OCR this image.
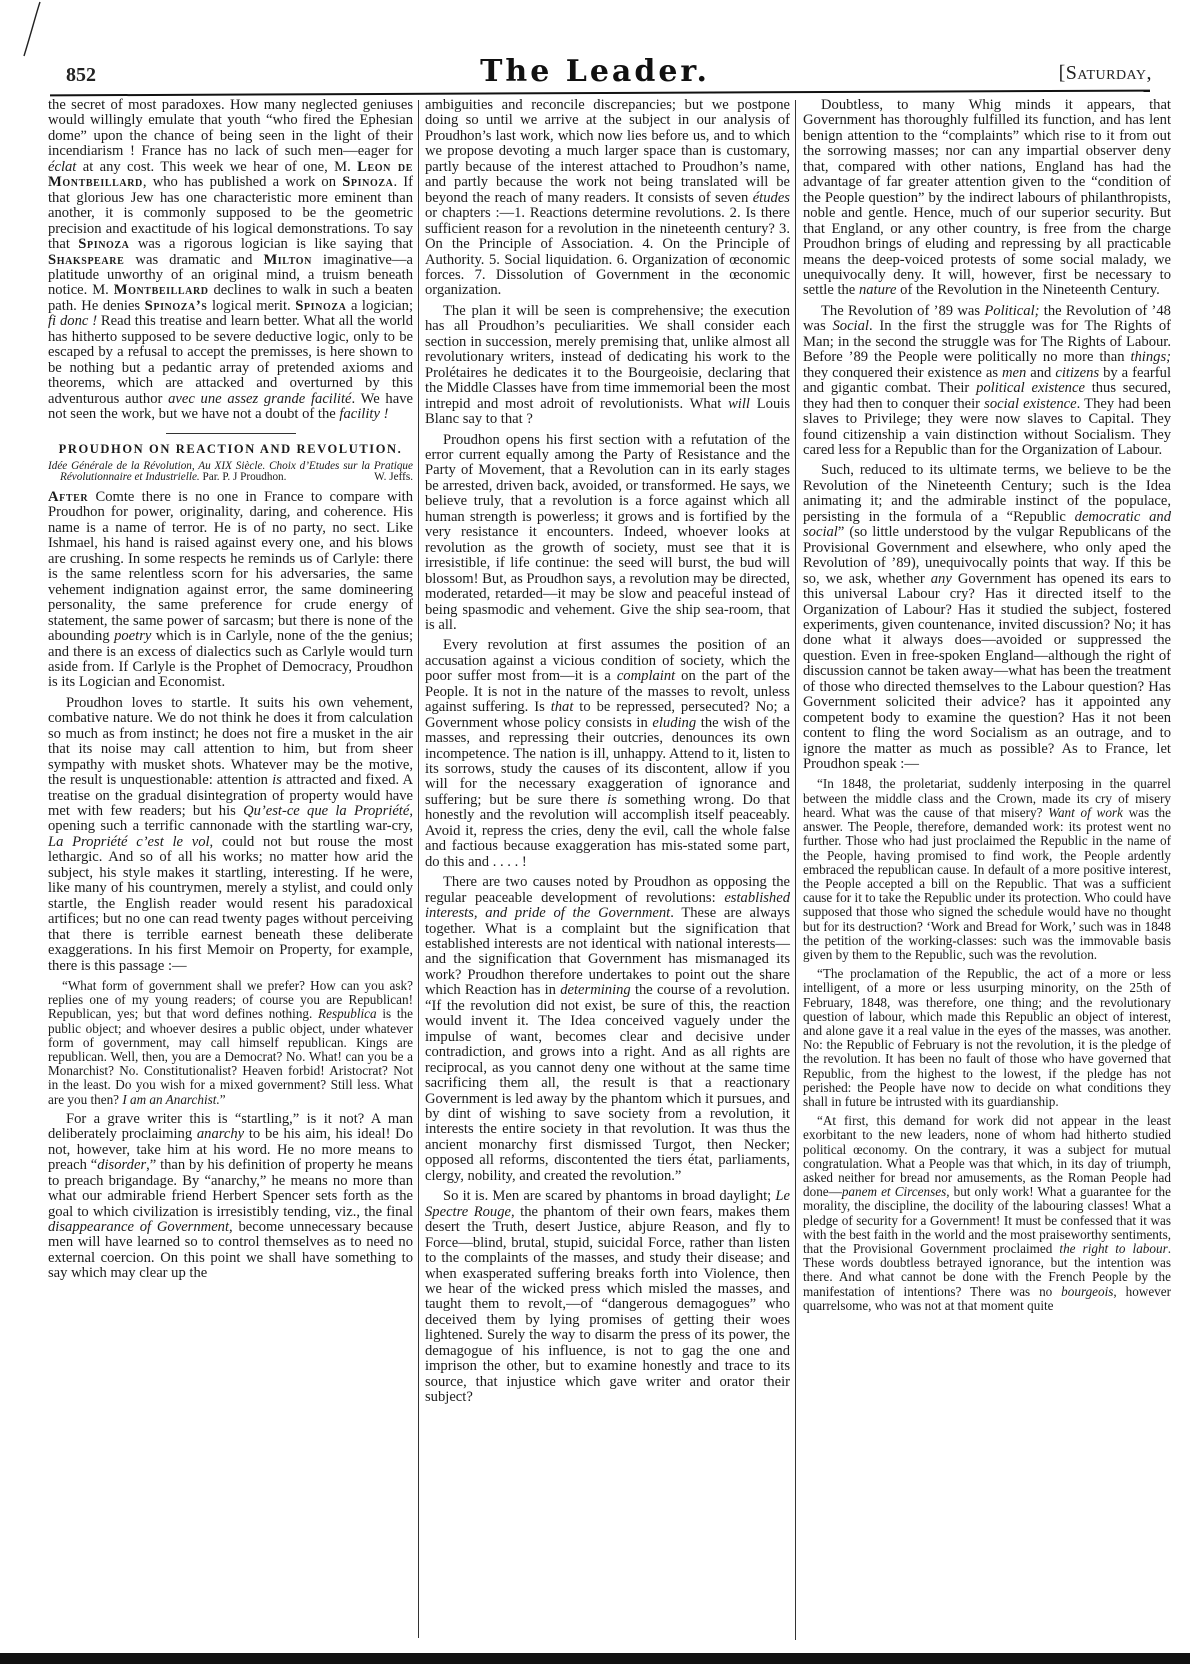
852	The Leader.	[Saturday,

the secret of most paradoxes. How many neglected geniuses would willingly emulate that youth “who fired the Ephesian dome” upon the chance of being seen in the light of their incendiarism ! France has no lack of such men—eager for éclat at any cost. This week we hear of one, M. Leon de Montbeillard, who has published a work on Spinoza. If that glorious Jew has one characteristic more eminent than another, it is commonly supposed to be the geometric precision and exactitude of his logical demonstrations. To say that Spinoza was a rigorous logician is like saying that Shakspeare was dramatic and Milton imaginative—a platitude unworthy of an original mind, a truism beneath notice. M. Montbeillard declines to walk in such a beaten path. He denies Spinoza’s logical merit. Spinoza a logician; fi donc ! Read this treatise and learn better. What all the world has hitherto supposed to be severe deductive logic, only to be escaped by a refusal to accept the premisses, is here shown to be nothing but a pedantic array of pretended axioms and theorems, which are attacked and overturned by this adventurous author avec une assez grande facilité. We have not seen the work, but we have not a doubt of the facility !

PROUDHON ON REACTION AND REVOLUTION.
Idée Générale de la Révolution, Au XIX Siècle. Choix d’Etudes sur la Pratique Révolutionnaire et Industrielle. Par. P. J Proudhon.	W. Jeffs.

After Comte there is no one in France to compare with Proudhon for power, originality, daring, and coherence. His name is a name of terror. He is of no party, no sect. Like Ishmael, his hand is raised against every one, and his blows are crushing. In some respects he reminds us of Carlyle: there is the same relentless scorn for his adversaries, the same vehement indignation against error, the same domineering personality, the same preference for crude energy of statement, the same power of sarcasm; but there is none of the abounding poetry which is in Carlyle, none of the the genius; and there is an excess of dialectics such as Carlyle would turn aside from. If Carlyle is the Prophet of Democracy, Proudhon is its Logician and Economist.

Proudhon loves to startle. It suits his own vehement, combative nature. We do not think he does it from calculation so much as from instinct; he does not fire a musket in the air that its noise may call attention to him, but from sheer sympathy with musket shots. Whatever may be the motive, the result is unquestionable: attention is attracted and fixed. A treatise on the gradual disintegration of property would have met with few readers; but his Qu’est-ce que la Propriété, opening such a terrific cannonade with the startling war-cry, La Propriété c’est le vol, could not but rouse the most lethargic. And so of all his works; no matter how arid the subject, his style makes it startling, interesting. If he were, like many of his countrymen, merely a stylist, and could only startle, the English reader would resent his paradoxical artifices; but no one can read twenty pages without perceiving that there is terrible earnest beneath these deliberate exaggerations. In his first Memoir on Property, for example, there is this passage :—

“What form of government shall we prefer? How can you ask? replies one of my young readers; of course you are Republican! Republican, yes; but that word defines nothing. Respublica is the public object; and whoever desires a public object, under whatever form of government, may call himself republican. Kings are republican. Well, then, you are a Democrat? No. What! can you be a Monarchist? No. Constitutionalist? Heaven forbid! Aristocrat? Not in the least. Do you wish for a mixed government? Still less. What are you then? I am an Anarchist.”

For a grave writer this is “startling,” is it not? A man deliberately proclaiming anarchy to be his aim, his ideal! Do not, however, take him at his word. He no more means to preach “disorder,” than by his definition of property he means to preach brigandage. By “anarchy,” he means no more than what our admirable friend Herbert Spencer sets forth as the goal to which civilization is irresistibly tending, viz., the final disappearance of Government, become unnecessary because men will have learned so to control themselves as to need no external coercion. On this point we shall have something to say which may clear up the

ambiguities and reconcile discrepancies; but we postpone doing so until we arrive at the subject in our analysis of Proudhon’s last work, which now lies before us, and to which we propose devoting a much larger space than is customary, partly because of the interest attached to Proudhon’s name, and partly because the work not being translated will be beyond the reach of many readers. It consists of seven études or chapters :—1. Reactions determine revolutions. 2. Is there sufficient reason for a revolution in the nineteenth century? 3. On the Principle of Association. 4. On the Principle of Authority. 5. Social liquidation. 6. Organization of œconomic forces. 7. Dissolution of Government in the œconomic organization.

The plan it will be seen is comprehensive; the execution has all Proudhon’s peculiarities. We shall consider each section in succession, merely premising that, unlike almost all revolutionary writers, instead of dedicating his work to the Prolétaires he dedicates it to the Bourgeoisie, declaring that the Middle Classes have from time immemorial been the most intrepid and most adroit of revolutionists. What will Louis Blanc say to that ?

Proudhon opens his first section with a refutation of the error current equally among the Party of Resistance and the Party of Movement, that a Revolution can in its early stages be arrested, driven back, avoided, or transformed. He says, we believe truly, that a revolution is a force against which all human strength is powerless; it grows and is fortified by the very resistance it encounters. Indeed, whoever looks at revolution as the growth of society, must see that it is irresistible, if life continue: the seed will burst, the bud will blossom! But, as Proudhon says, a revolution may be directed, moderated, retarded—it may be slow and peaceful instead of being spasmodic and vehement. Give the ship sea-room, that is all.

Every revolution at first assumes the position of an accusation against a vicious condition of society, which the poor suffer most from—it is a complaint on the part of the People. It is not in the nature of the masses to revolt, unless against suffering. Is that to be repressed, persecuted? No; a Government whose policy consists in eluding the wish of the masses, and repressing their outcries, denounces its own incompetence. The nation is ill, unhappy. Attend to it, listen to its sorrows, study the causes of its discontent, allow if you will for the necessary exaggeration of ignorance and suffering; but be sure there is something wrong. Do that honestly and the revolution will accomplish itself peaceably. Avoid it, repress the cries, deny the evil, call the whole false and factious because exaggeration has mis-stated some part, do this and . . . . !

There are two causes noted by Proudhon as opposing the regular peaceable development of revolutions: established interests, and pride of the Government. These are always together. What is a complaint but the signification that established interests are not identical with national interests—and the signification that Government has mismanaged its work? Proudhon therefore undertakes to point out the share which Reaction has in determining the course of a revolution. “If the revolution did not exist, be sure of this, the reaction would invent it. The Idea conceived vaguely under the impulse of want, becomes clear and decisive under contradiction, and grows into a right. And as all rights are reciprocal, as you cannot deny one without at the same time sacrificing them all, the result is that a reactionary Government is led away by the phantom which it pursues, and by dint of wishing to save society from a revolution, it interests the entire society in that revolution. It was thus the ancient monarchy first dismissed Turgot, then Necker; opposed all reforms, discontented the tiers état, parliaments, clergy, nobility, and created the revolution.”

So it is. Men are scared by phantoms in broad daylight; Le Spectre Rouge, the phantom of their own fears, makes them desert the Truth, desert Justice, abjure Reason, and fly to Force—blind, brutal, stupid, suicidal Force, rather than listen to the complaints of the masses, and study their disease; and when exasperated suffering breaks forth into Violence, then we hear of the wicked press which misled the masses, and taught them to revolt,—of “dangerous demagogues” who deceived them by lying promises of getting their woes lightened. Surely the way to disarm the press of its power, the demagogue of his influence, is not to gag the one and imprison the other, but to examine honestly and trace to its source, that injustice which gave writer and orator their subject?

Doubtless, to many Whig minds it appears, that Government has thoroughly fulfilled its function, and has lent benign attention to the “complaints” which rise to it from out the sorrowing masses; nor can any impartial observer deny that, compared with other nations, England has had the advantage of far greater attention given to the “condition of the People question” by the indirect labours of philanthropists, noble and gentle. Hence, much of our superior security. But that England, or any other country, is free from the charge Proudhon brings of eluding and repressing by all practicable means the deep-voiced protests of some social malady, we unequivocally deny. It will, however, first be necessary to settle the nature of the Revolution in the Nineteenth Century.

The Revolution of ’89 was Political; the Revolution of ’48 was Social. In the first the struggle was for The Rights of Man; in the second the struggle was for The Rights of Labour. Before ’89 the People were politically no more than things; they conquered their existence as men and citizens by a fearful and gigantic combat. Their political existence thus secured, they had then to conquer their social existence. They had been slaves to Privilege; they were now slaves to Capital. They found citizenship a vain distinction without Socialism. They cared less for a Republic than for the Organization of Labour.

Such, reduced to its ultimate terms, we believe to be the Revolution of the Nineteenth Century; such is the Idea animating it; and the admirable instinct of the populace, persisting in the formula of a “Republic democratic and social” (so little understood by the vulgar Republicans of the Provisional Government and elsewhere, who only aped the Revolution of ’89), unequivocally points that way. If this be so, we ask, whether any Government has opened its ears to this universal Labour cry? Has it directed itself to the Organization of Labour? Has it studied the subject, fostered experiments, given countenance, invited discussion? No; it has done what it always does—avoided or suppressed the question. Even in free-spoken England—although the right of discussion cannot be taken away—what has been the treatment of those who directed themselves to the Labour question? Has Government solicited their advice? has it appointed any competent body to examine the question? Has it not been content to fling the word Socialism as an outrage, and to ignore the matter as much as possible? As to France, let Proudhon speak :—

“In 1848, the proletariat, suddenly interposing in the quarrel between the middle class and the Crown, made its cry of misery heard. What was the cause of that misery? Want of work was the answer. The People, therefore, demanded work: its protest went no further. Those who had just proclaimed the Republic in the name of the People, having promised to find work, the People ardently embraced the republican cause. In default of a more positive interest, the People accepted a bill on the Republic. That was a sufficient cause for it to take the Republic under its protection. Who could have supposed that those who signed the schedule would have no thought but for its destruction? ‘Work and Bread for Work,’ such was in 1848 the petition of the working-classes: such was the immovable basis given by them to the Republic, such was the revolution.

“The proclamation of the Republic, the act of a more or less intelligent, of a more or less usurping minority, on the 25th of February, 1848, was therefore, one thing; and the revolutionary question of labour, which made this Republic an object of interest, and alone gave it a real value in the eyes of the masses, was another. No: the Republic of February is not the revolution, it is the pledge of the revolution. It has been no fault of those who have governed that Republic, from the highest to the lowest, if the pledge has not perished: the People have now to decide on what conditions they shall in future be intrusted with its guardianship.

“At first, this demand for work did not appear in the least exorbitant to the new leaders, none of whom had hitherto studied political œconomy. On the contrary, it was a subject for mutual congratulation. What a People was that which, in its day of triumph, asked neither for bread nor amusements, as the Roman People had done—panem et Circenses, but only work! What a guarantee for the morality, the discipline, the docility of the labouring classes! What a pledge of security for a Government! It must be confessed that it was with the best faith in the world and the most praiseworthy sentiments, that the Provisional Government proclaimed the right to labour. These words doubtless betrayed ignorance, but the intention was there. And what cannot be done with the French People by the manifestation of intentions? There was no bourgeois, however quarrelsome, who was not at that moment quite
